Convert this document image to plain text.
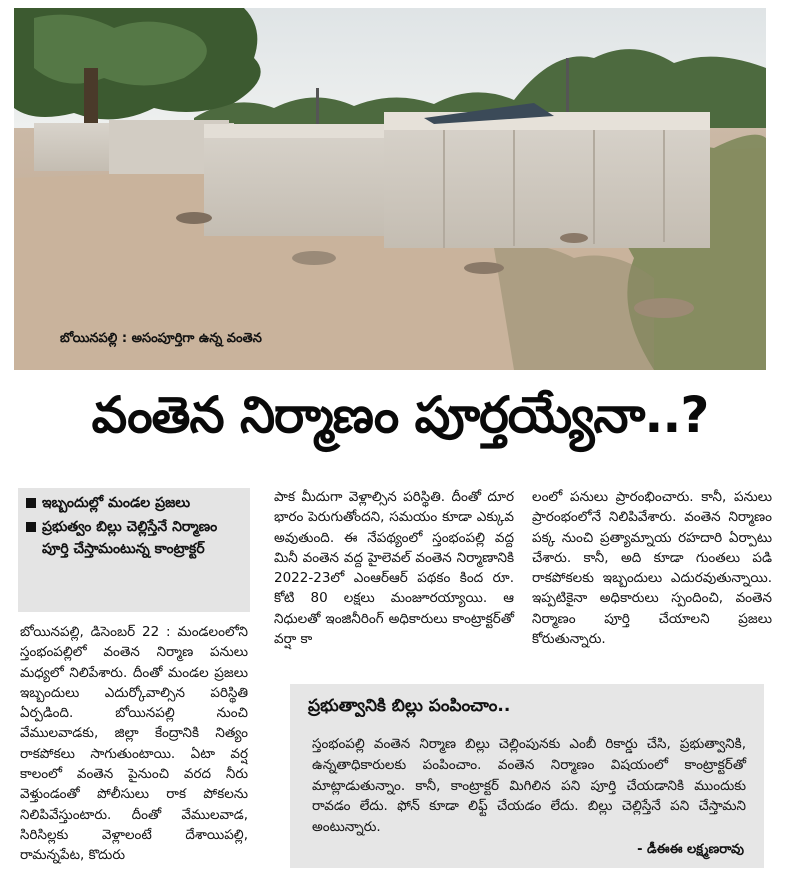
బోయినపల్లి : అసంపూర్తిగా ఉన్న వంతెన
వంతెన నిర్మాణం పూర్తయ్యేనా..?
ఇబ్బందుల్లో మండల ప్రజలు
ప్రభుత్వం బిల్లు చెల్లిస్తేనే నిర్మాణం పూర్తి చేస్తామంటున్న కాంట్రాక్టర్
బోయినపల్లి, డిసెంబర్ 22 : మండలంలోని స్తంభంపల్లిలో వంతెన నిర్మాణ పనులు మధ్యలో నిలిపేశారు. దీంతో మండల ప్రజలు ఇబ్బందులు ఎదుర్కోవాల్సిన పరిస్థితి ఏర్పడింది. బోయినపల్లి నుంచి వేములవాడకు, జిల్లా కేంద్రానికి నిత్యం రాకపోకలు సాగుతుంటాయి. ఏటా వర్ష కాలంలో వంతెన పైనుంచి వరద నీరు వెళ్తుండంతో పోలీసులు రాక పోకలను నిలిపివేస్తుంటారు. దీంతో వేములవాడ, సిరిసిల్లకు వెళ్లాలంటే దేశాయిపల్లి, రామన్నపేట, కొదురు
పాక మీదుగా వెళ్లాల్సిన పరిస్థితి. దీంతో దూర భారం పెరుగుతోందని, సమయం కూడా ఎక్కువ అవుతుంది. ఈ నేపథ్యంలో స్తంభంపల్లి వద్ద మినీ వంతెన వద్ద హైలెవల్ వంతెన నిర్మాణానికి 2022-23లో ఎంఆర్ఆర్ పథకం కింద రూ. కోటి 80 లక్షలు మంజూరయ్యాయి. ఆ నిధులతో ఇంజినీరింగ్ అధికారులు కాంట్రాక్టర్‌తో వర్షా కా
లంలో పనులు ప్రారంభించారు. కానీ, పనులు ప్రారంభంలోనే నిలిపివేశారు. వంతెన నిర్మాణం పక్క నుంచి ప్రత్యామ్నాయ రహదారి ఏర్పాటు చేశారు. కానీ, అది కూడా గుంతలు పడి రాకపోకలకు ఇబ్బందులు ఎదురవుతున్నాయి. ఇప్పటికైనా అధికారులు స్పందించి, వంతెన నిర్మాణం పూర్తి చేయాలని ప్రజలు కోరుతున్నారు.
ప్రభుత్వానికి బిల్లు పంపించాం..
స్తంభంపల్లి వంతెన నిర్మాణ బిల్లు చెల్లింపునకు ఎంబీ రికార్డు చేసి, ప్రభుత్వానికి, ఉన్నతాధికారులకు పంపించాం. వంతెన నిర్మాణం విషయంలో కాంట్రాక్టర్‌తో మాట్లాడుతున్నాం. కానీ, కాంట్రాక్టర్ మిగిలిన పని పూర్తి చేయడానికి ముందుకు రావడం లేదు. ఫోన్ కూడా లిఫ్ట్ చేయడం లేదు. బిల్లు చెల్లిస్తేనే పని చేస్తామని అంటున్నారు.
- డీఈఈ లక్ష్మణరావు
